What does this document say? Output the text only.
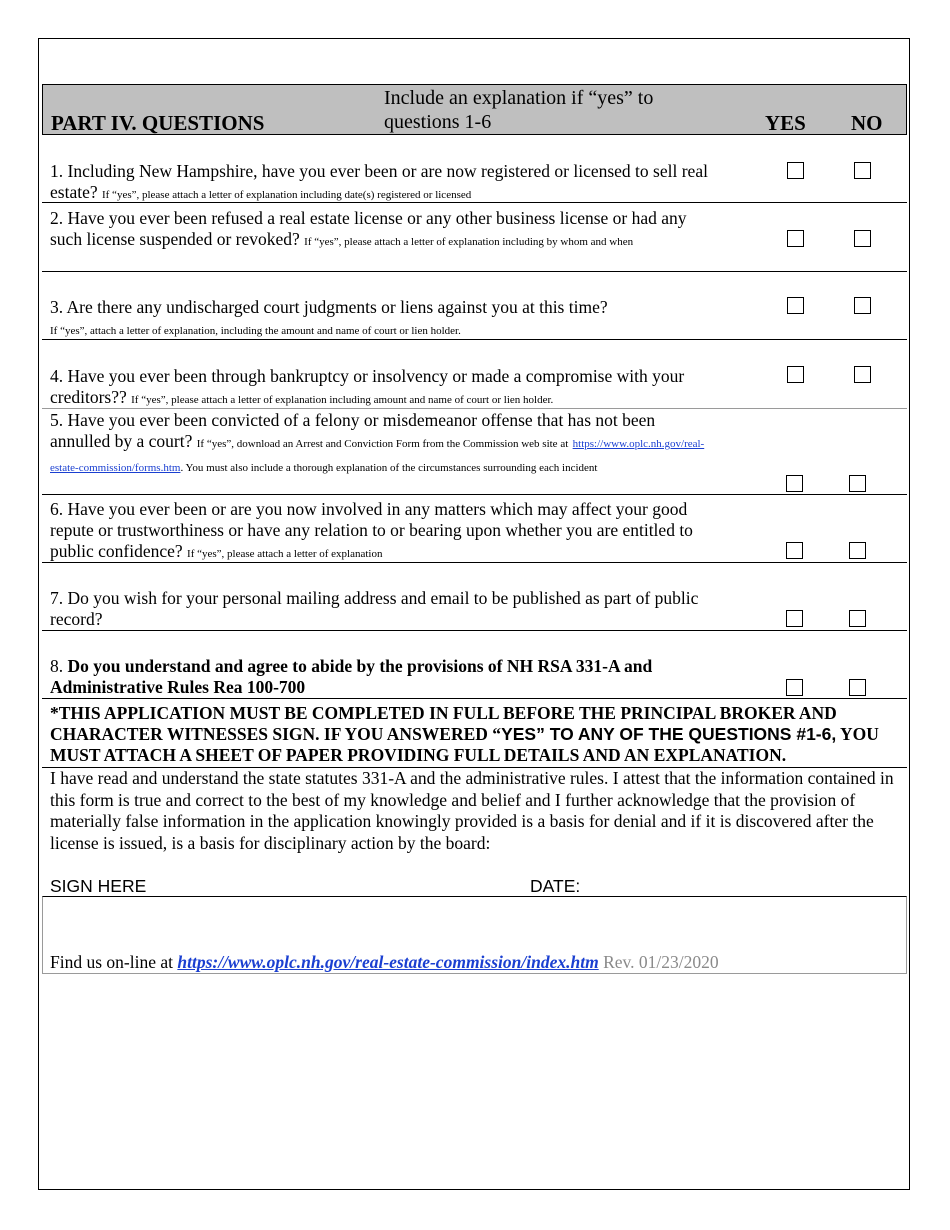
PART IV. QUESTIONS
Include an explanation if “yes” to questions 1-6	YES NO
1. Including New Hampshire, have you ever been or are now registered or licensed to sell real estate? If “yes”, please attach a letter of explanation including date(s) registered or licensed
2. Have you ever been refused a real estate license or any other business license or had any such license suspended or revoked? If “yes”, please attach a letter of explanation including by whom and when
3. Are there any undischarged court judgments or liens against you at this time?
If “yes”, attach a letter of explanation, including the amount and name of court or lien holder.
4. Have you ever been through bankruptcy or insolvency or made a compromise with your creditors?? If “yes”, please attach a letter of explanation including amount and name of court or lien holder.
5. Have you ever been convicted of a felony or misdemeanor offense that has not been annulled by a court? If “yes”, download an Arrest and Conviction Form from the Commission web site at https://www.oplc.nh.gov/real-estate-commission/forms.htm. You must also include a thorough explanation of the circumstances surrounding each incident
6. Have you ever been or are you now involved in any matters which may affect your good repute or trustworthiness or have any relation to or bearing upon whether you are entitled to public confidence? If “yes”, please attach a letter of explanation
7. Do you wish for your personal mailing address and email to be published as part of public record?
8. Do you understand and agree to abide by the provisions of NH RSA 331-A and Administrative Rules Rea 100-700
*THIS APPLICATION MUST BE COMPLETED IN FULL BEFORE THE PRINCIPAL BROKER AND CHARACTER WITNESSES SIGN. IF YOU ANSWERED “YES” TO ANY OF THE QUESTIONS #1-6, YOU MUST ATTACH A SHEET OF PAPER PROVIDING FULL DETAILS AND AN EXPLANATION.
I have read and understand the state statutes 331-A and the administrative rules. I attest that the information contained in this form is true and correct to the best of my knowledge and belief and I further acknowledge that the provision of materially false information in the application knowingly provided is a basis for denial and if it is discovered after the license is issued, is a basis for disciplinary action by the board:
SIGN HERE	DATE:
Find us on-line at https://www.oplc.nh.gov/real-estate-commission/index.htm Rev. 01/23/2020
